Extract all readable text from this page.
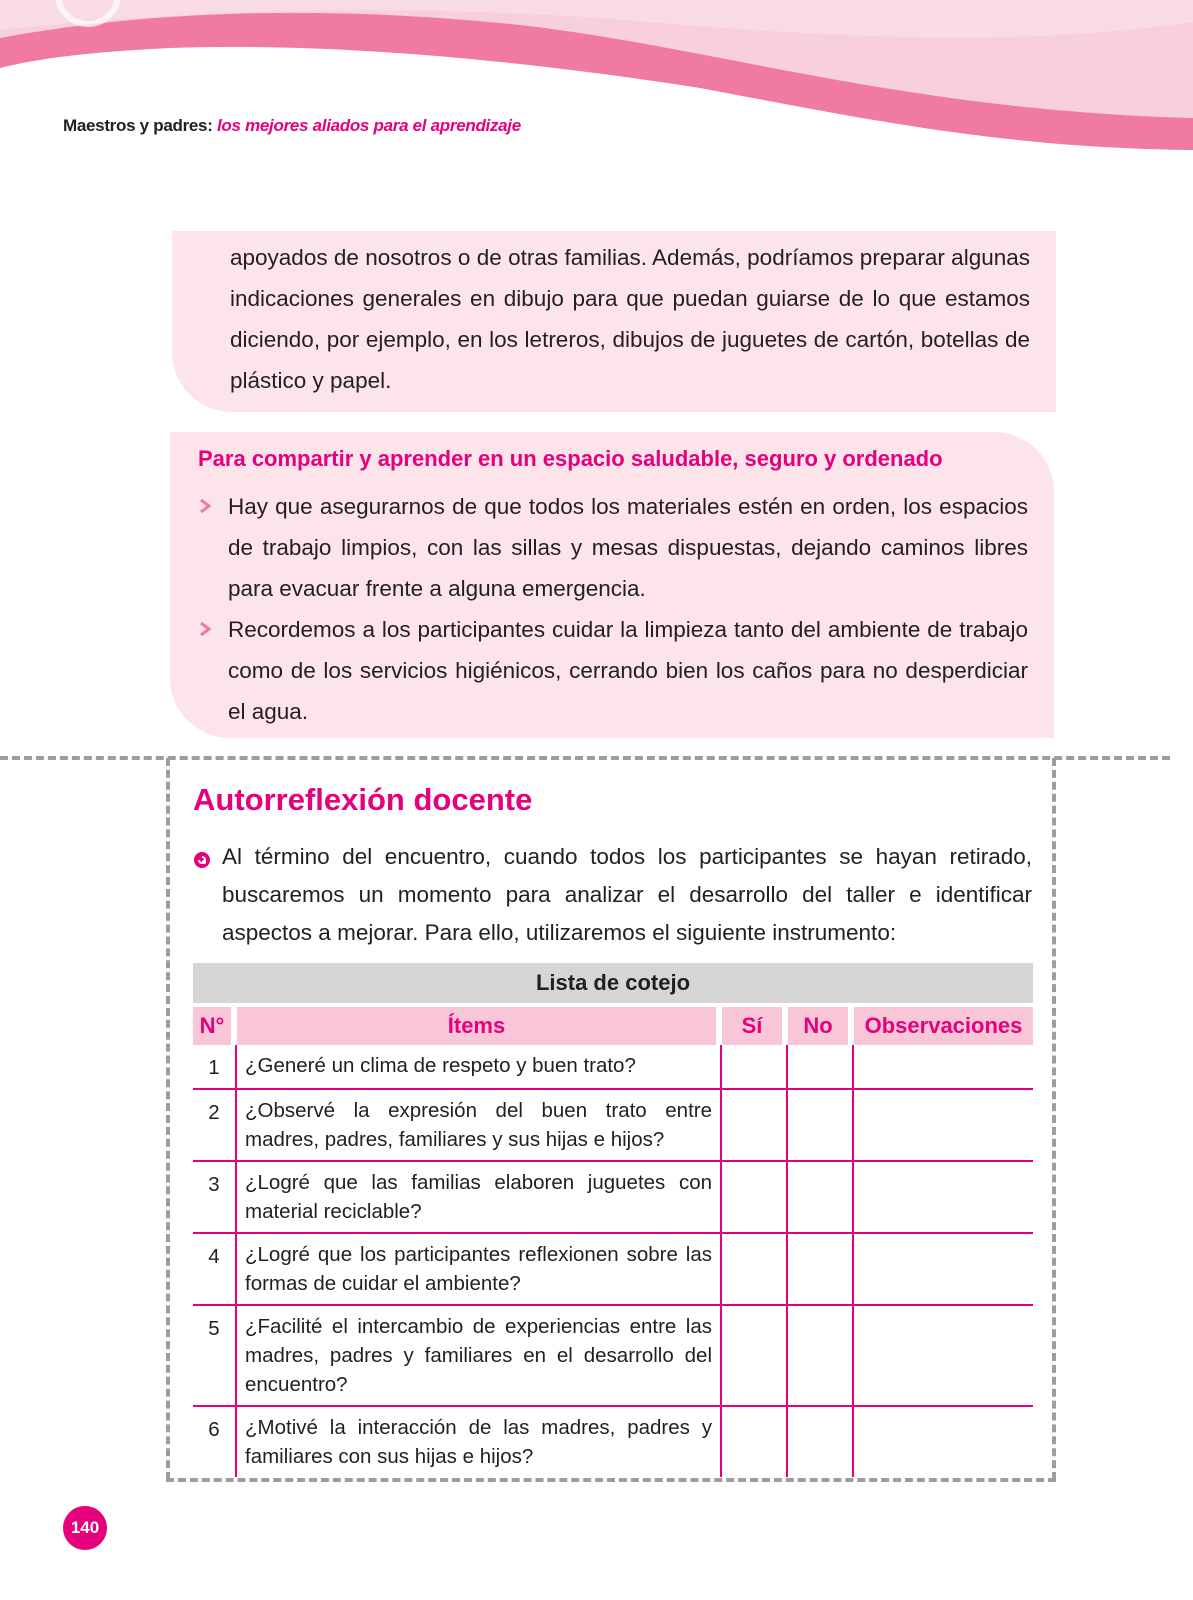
Maestros y padres: los mejores aliados para el aprendizaje

apoyados de nosotros o de otras familias. Además, podríamos preparar algunas indicaciones generales en dibujo para que puedan guiarse de lo que estamos diciendo, por ejemplo, en los letreros, dibujos de juguetes de cartón, botellas de plástico y papel.

Para compartir y aprender en un espacio saludable, seguro y ordenado
Hay que asegurarnos de que todos los materiales estén en orden, los espacios de trabajo limpios, con las sillas y mesas dispuestas, dejando caminos libres para evacuar frente a alguna emergencia.
Recordemos a los participantes cuidar la limpieza tanto del ambiente de trabajo como de los servicios higiénicos, cerrando bien los caños para no desperdiciar el agua.
Autorreflexión docente

Al término del encuentro, cuando todos los participantes se hayan retirado, buscaremos un momento para analizar el desarrollo del taller e identificar aspectos a mejorar. Para ello, utilizaremos el siguiente instrumento:

Lista de cotejo				
N°	Ítems	Sí	No	Observaciones
1	¿Generé un clima de respeto y buen trato?			
2	¿Observé la expresión del buen trato entre madres, padres, familiares y sus hijas e hijos?			
3	¿Logré que las familias elaboren juguetes con material reciclable?			
4	¿Logré que los participantes reflexionen sobre las formas de cuidar el ambiente?			
5	¿Facilité el intercambio de experiencias entre las madres, padres y familiares en el desarrollo del encuentro?			
6	¿Motivé la interacción de las madres, padres y familiares con sus hijas e hijos?			
140
